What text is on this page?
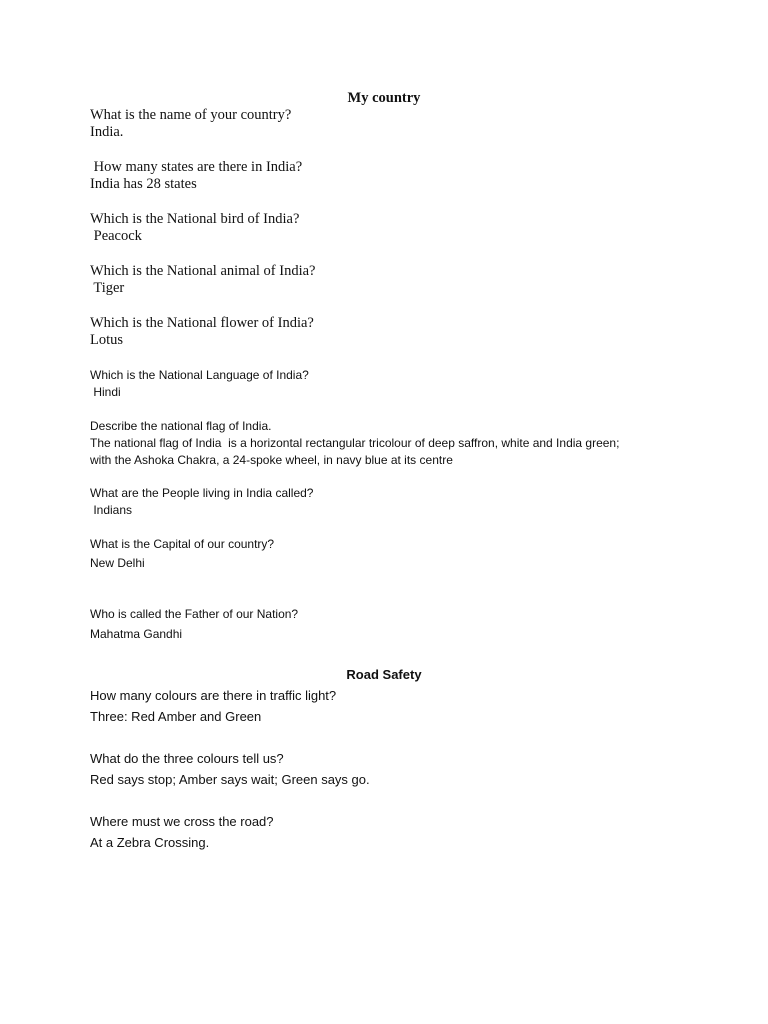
My country
What is the name of your country?
India.
How many states are there in India?
India has 28 states
Which is the National bird of India?
Peacock
Which is the National animal of India?
Tiger
Which is the National flower of India?
Lotus
Which is the National Language of India?
Hindi
Describe the national flag of India.
The national flag of India  is a horizontal rectangular tricolour of deep saffron, white and India green;
with the Ashoka Chakra, a 24-spoke wheel, in navy blue at its centre
What are the People living in India called?
Indians
What is the Capital of our country?
New Delhi
Who is called the Father of our Nation?
Mahatma Gandhi
Road Safety
How many colours are there in traffic light?
Three: Red Amber and Green
What do the three colours tell us?
Red says stop; Amber says wait; Green says go.
Where must we cross the road?
At a Zebra Crossing.
